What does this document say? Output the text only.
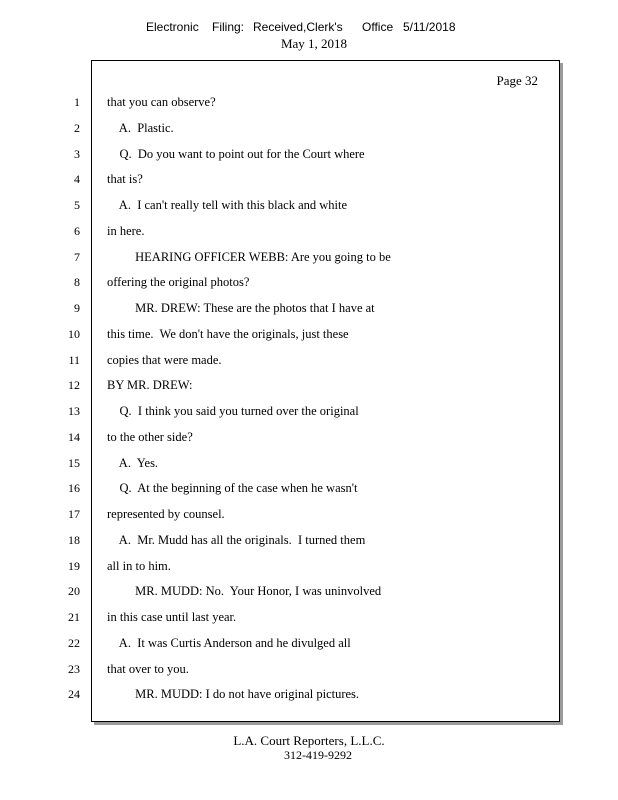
Electronic Filing: Received,Clerk's Office 5/11/2018
May 1, 2018
Page 32
1 that you can observe?
2 A.  Plastic.
3 Q.  Do you want to point out for the Court where
4 that is?
5 A.  I can't really tell with this black and white
6 in here.
7 HEARING OFFICER WEBB: Are you going to be
8 offering the original photos?
9 MR. DREW: These are the photos that I have at
10 this time.  We don't have the originals, just these
11 copies that were made.
12 BY MR. DREW:
13 Q.  I think you said you turned over the original
14 to the other side?
15 A.  Yes.
16 Q.  At the beginning of the case when he wasn't
17 represented by counsel.
18 A.  Mr. Mudd has all the originals.  I turned them
19 all in to him.
20 MR. MUDD: No.  Your Honor, I was uninvolved
21 in this case until last year.
22 A.  It was Curtis Anderson and he divulged all
23 that over to you.
24 MR. MUDD: I do not have original pictures.
L.A. Court Reporters, L.L.C.
312-419-9292
